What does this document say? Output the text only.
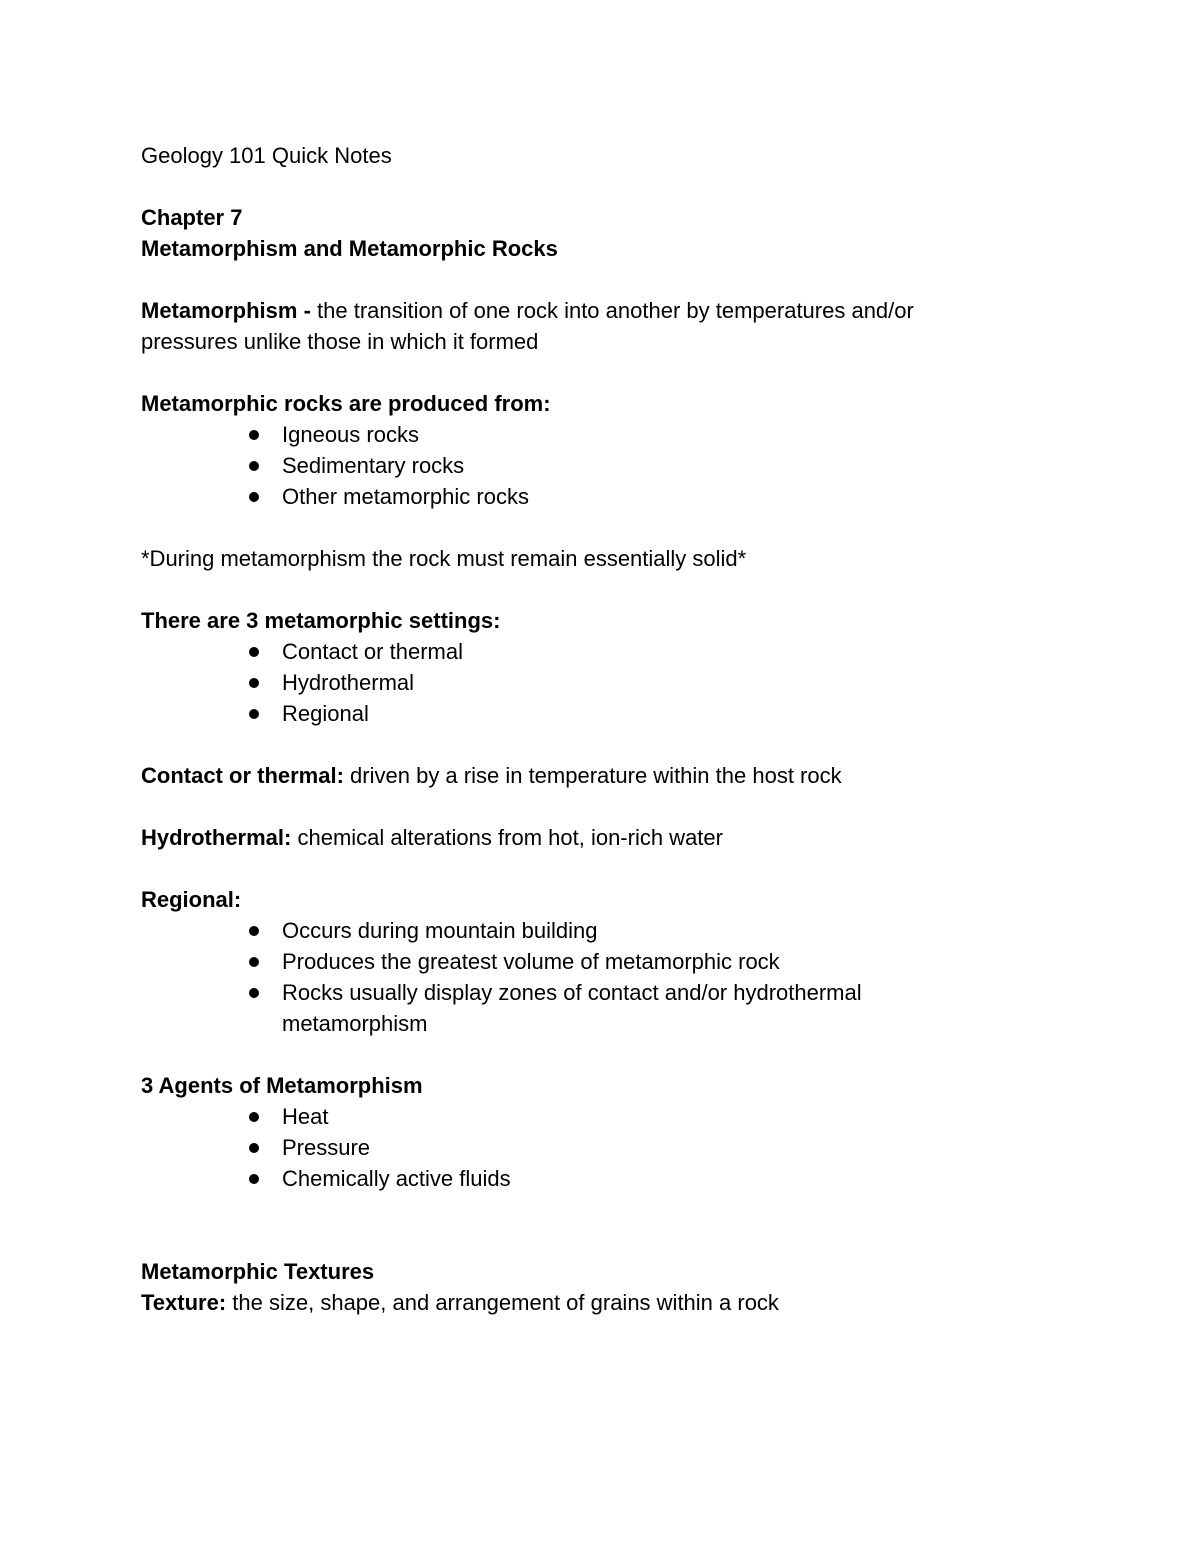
Geology 101 Quick Notes

Chapter 7

Metamorphism and Metamorphic Rocks

Metamorphism - the transition of one rock into another by temperatures and/or pressures unlike those in which it formed

Metamorphic rocks are produced from:

Igneous rocks
Sedimentary rocks
Other metamorphic rocks

*During metamorphism the rock must remain essentially solid*

There are 3 metamorphic settings:

Contact or thermal
Hydrothermal
Regional

Contact or thermal: driven by a rise in temperature within the host rock

Hydrothermal: chemical alterations from hot, ion-rich water

Regional:

Occurs during mountain building
Produces the greatest volume of metamorphic rock
Rocks usually display zones of contact and/or hydrothermal metamorphism

3 Agents of Metamorphism

Heat
Pressure
Chemically active fluids

Metamorphic Textures

Texture: the size, shape, and arrangement of grains within a rock
